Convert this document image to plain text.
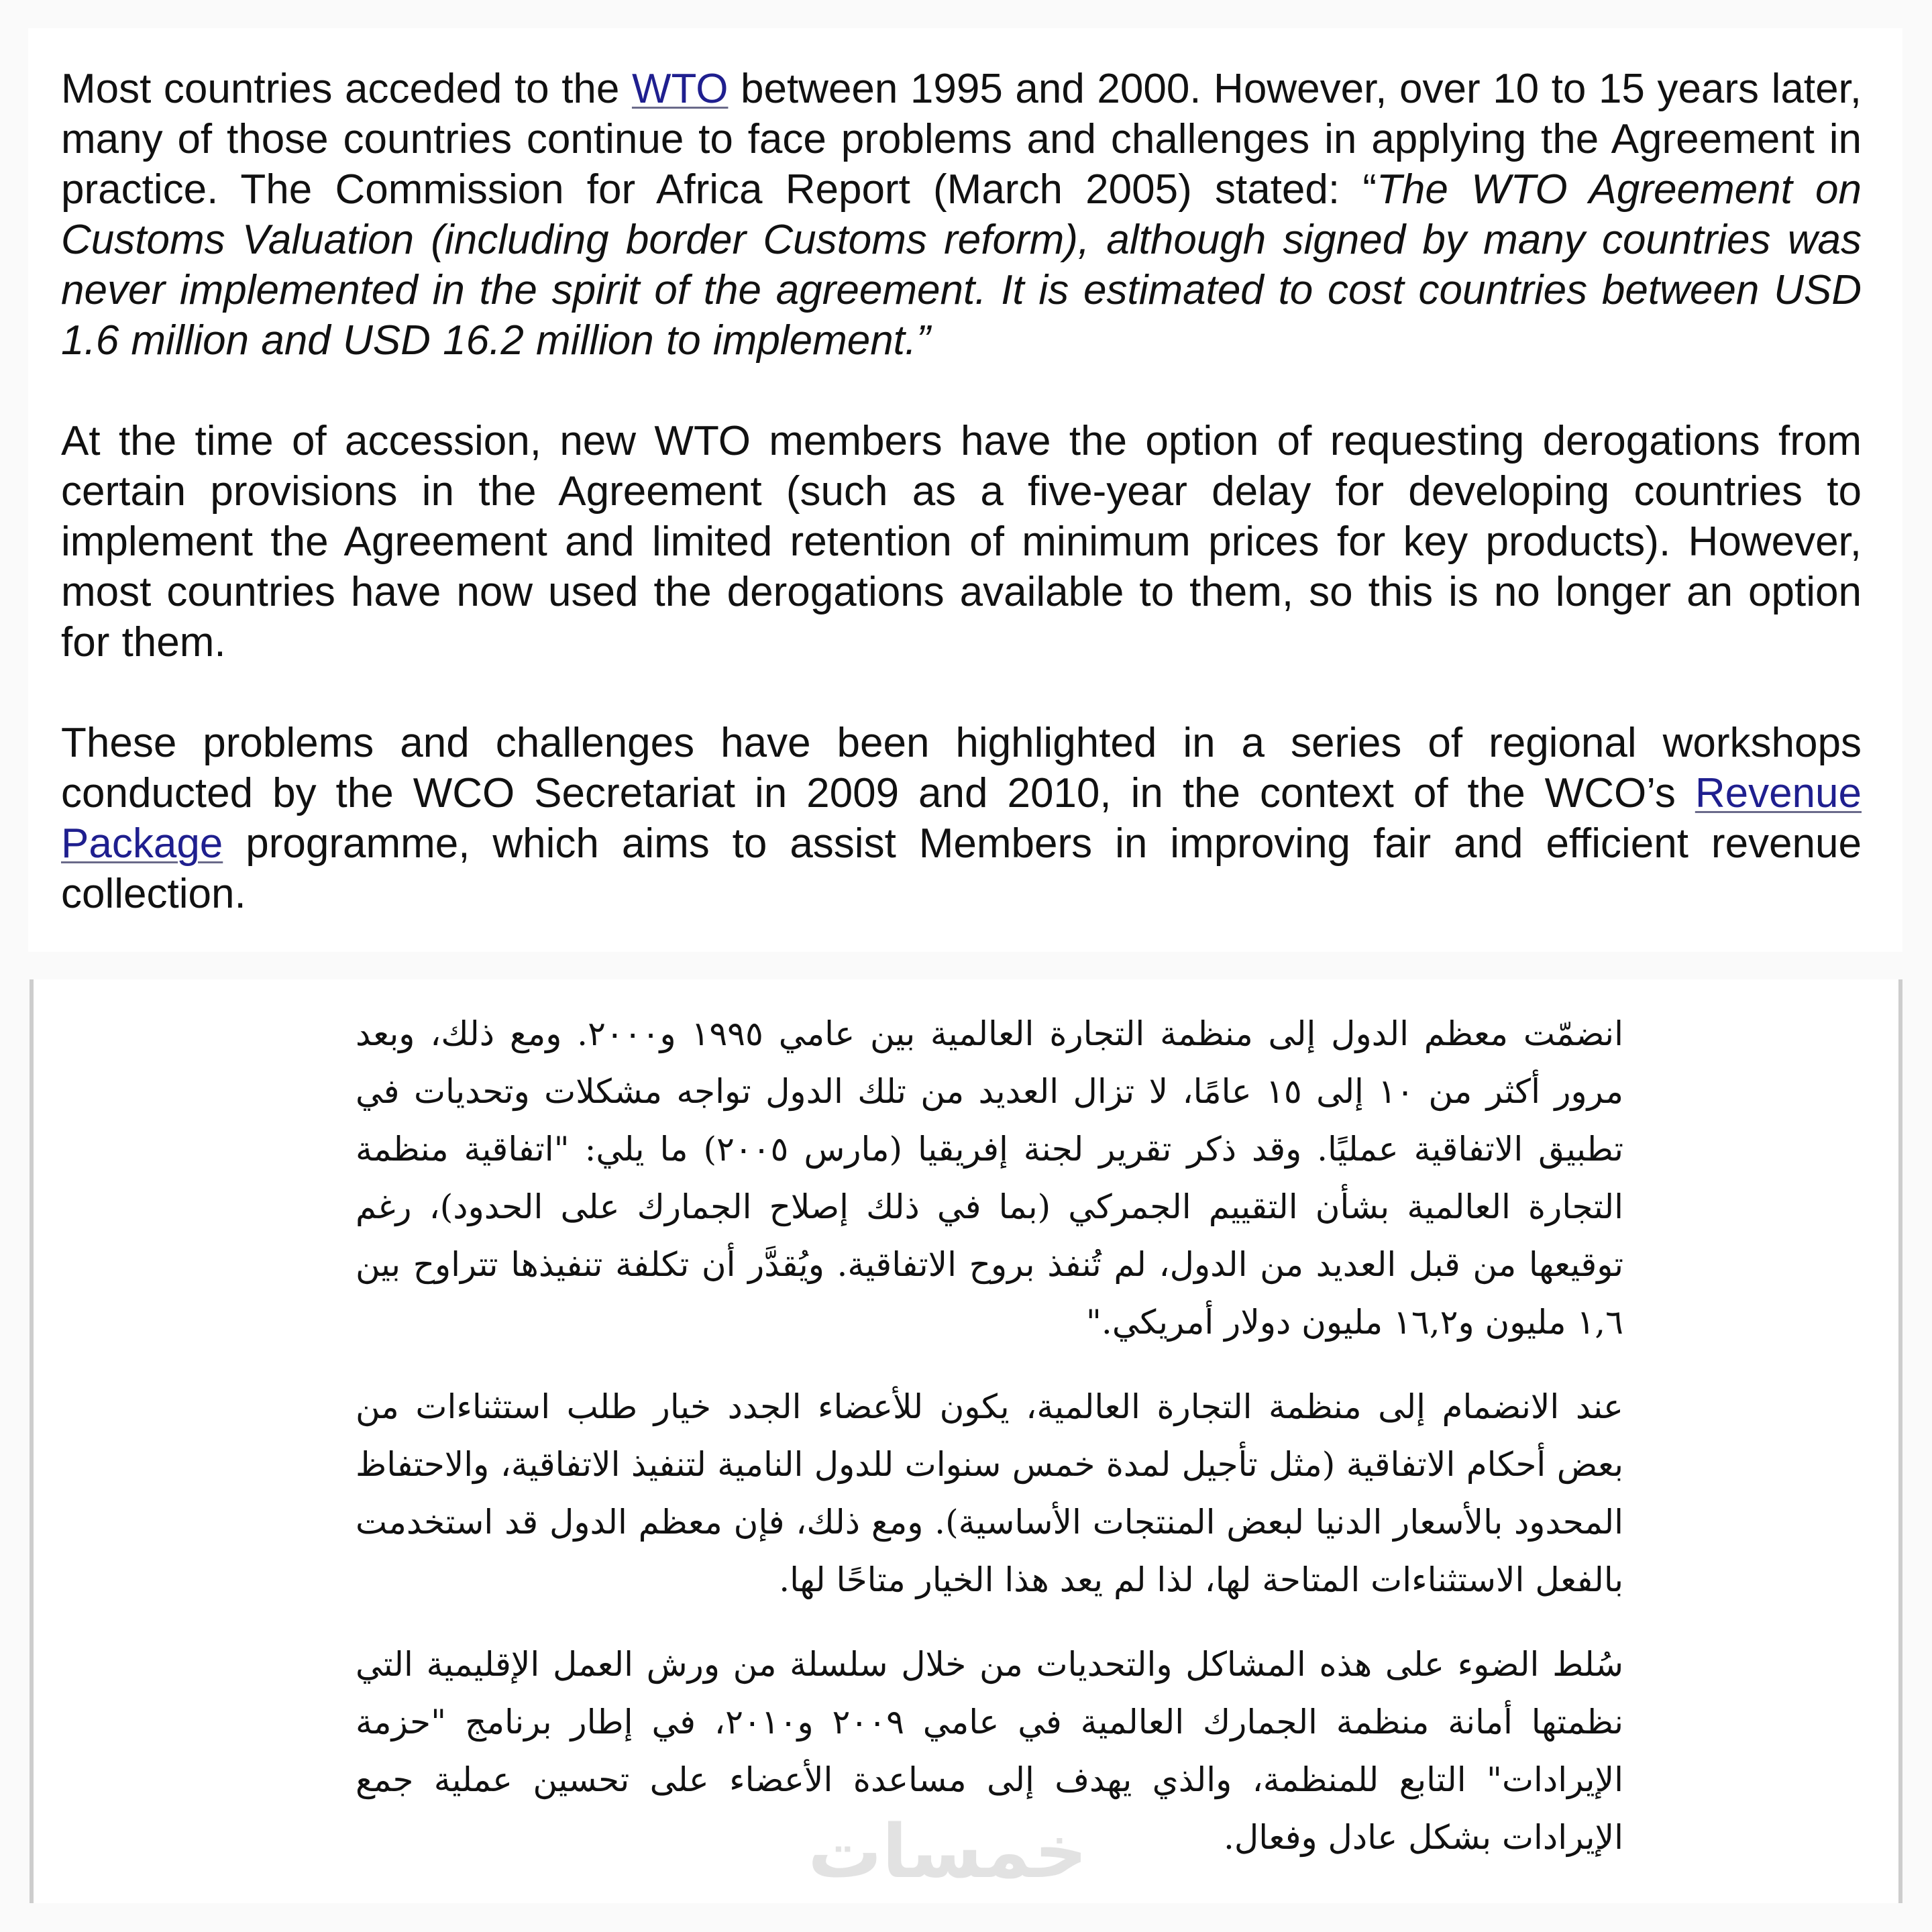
Most countries acceded to the WTO between 1995 and 2000. However, over 10 to 15 years later, many of those countries continue to face problems and challenges in applying the Agreement in practice. The Commission for Africa Report (March 2005) stated: “The WTO Agreement on Customs Valuation (including border Customs reform), although signed by many countries was never implemented in the spirit of the agreement. It is estimated to cost countries between USD 1.6 million and USD 16.2 million to implement.”

At the time of accession, new WTO members have the option of requesting derogations from certain provisions in the Agreement (such as a five-year delay for developing countries to implement the Agreement and limited retention of minimum prices for key products). However, most countries have now used the derogations available to them, so this is no longer an option for them.

These problems and challenges have been highlighted in a series of regional workshops conducted by the WCO Secretariat in 2009 and 2010, in the context of the WCO’s Revenue Package programme, which aims to assist Members in improving fair and efficient revenue collection.

انضمّت معظم الدول إلى منظمة التجارة العالمية بين عامي ١٩٩٥ و٢٠٠٠. ومع ذلك، وبعد مرور أكثر من ١٠ إلى ١٥ عامًا، لا تزال العديد من تلك الدول تواجه مشكلات وتحديات في تطبيق الاتفاقية عمليًا. وقد ذكر تقرير لجنة إفريقيا (مارس ٢٠٠٥) ما يلي: "اتفاقية منظمة التجارة العالمية بشأن التقييم الجمركي (بما في ذلك إصلاح الجمارك على الحدود)، رغم توقيعها من قبل العديد من الدول، لم تُنفذ بروح الاتفاقية. ويُقدَّر أن تكلفة تنفيذها تتراوح بين ١,٦ مليون و١٦,٢ مليون دولار أمريكي."

عند الانضمام إلى منظمة التجارة العالمية، يكون للأعضاء الجدد خيار طلب استثناءات من بعض أحكام الاتفاقية (مثل تأجيل لمدة خمس سنوات للدول النامية لتنفيذ الاتفاقية، والاحتفاظ المحدود بالأسعار الدنيا لبعض المنتجات الأساسية). ومع ذلك، فإن معظم الدول قد استخدمت بالفعل الاستثناءات المتاحة لها، لذا لم يعد هذا الخيار متاحًا لها.

سُلط الضوء على هذه المشاكل والتحديات من خلال سلسلة من ورش العمل الإقليمية التي نظمتها أمانة منظمة الجمارك العالمية في عامي ٢٠٠٩ و٢٠١٠، في إطار برنامج "حزمة الإيرادات" التابع للمنظمة، والذي يهدف إلى مساعدة الأعضاء على تحسين عملية جمع الإيرادات بشكل عادل وفعال.

خمسات
